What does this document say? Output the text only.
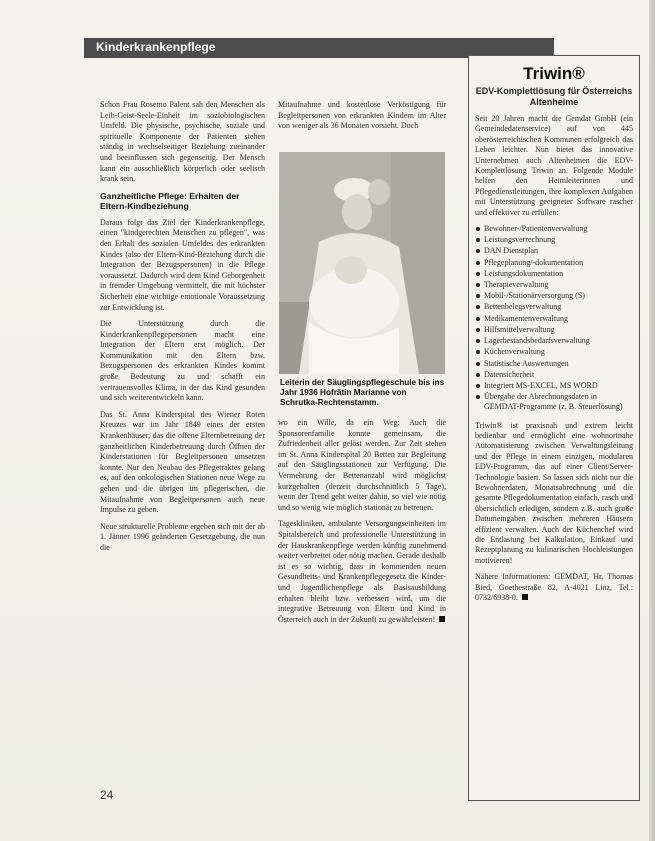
Kinderkrankenpflege

Schon Frau Rosemo Palent sah den Menschen als Leib-Geist-Seele-Einheit im soziobiologischen Umfeld. Die physische, psychische, soziale und spirituelle Komponente der Patienten stehen ständig in wechselseitiger Beziehung zueinander und beeinflussen sich gegenseitig. Der Mensch kann ein ausschließlich körperlich oder seelisch krank sein.

Ganzheitliche Pflege: Erhalten der Eltern-Kindbeziehung

Daraus folgt das Ziel der Kinderkrankenpflege, einen "kindgerechten Menschen zu pflegen", was den Erhalt des sozialen Umfeldes des erkrankten Kindes (also der Eltern-Kind-Beziehung durch die Integration der Bezugspersonen) in die Pflege voraussetzt. Dadurch wird dem Kind Geborgenheit in fremder Umgebung vermittelt, die mit höchster Sicherheit eine wichtige emotionale Voraussetzung zur Entwicklung ist.

Die Unterstützung durch die Kinderkrankenpflegepersonen macht eine Integration der Eltern erst möglich. Der Kommunikation mit den Eltern bzw. Bezugspersonen des erkrankten Kindes kommt große Bedeutung zu und schafft ein vertrauensvolles Klima, in der das Kind gesunden und sich weiterentwickeln kann.

Das St. Anna Kinderspital des Wiener Roten Kreuzes war im Jahr 1849 eines der ersten Krankenhäuser, das die offene Elternbetreuung der ganzheitlichen Kinderbetreuung durch Öffnen der Kinderstationen für Begleitpersonen umsetzen konnte. Nur den Neubau des Pflegetraktes gelang es, auf den onkologischen Stationen neue Wege zu gehen und die übrigen im pflegerischen, die Mitaufnahme von Begleitpersonen auch neue Impulse zu geben.

Neue strukturelle Probleme ergeben sich mit der ab 1. Jänner 1996 geänderten Gesetzgebung, die nun die

Mitaufnahme und kostenlose Verköstigung für Begleitpersonen von erkrankten Kindern im Alter von weniger als 36 Monaten vorsieht. Doch

Leiterin der Säuglingspflegeschule bis ins Jahr 1936 Hofrätin Marianne von Schrutka-Rechtenstamm.

wo ein Wille, da ein Weg: Auch die Sponsorenfamilie konnte gemeinsam, die Zufriedenheit aller gelöst werden. Zur Zeit stehen im St. Anna Kinderspital 20 Betten zur Begleitung auf den Säuglingsstationen zur Verfügung. Die Vermehrung der Bettenanzahl wird möglichst kurzgehalten (derzeit durchschnittlich 5 Tage), wenn der Trend geht weiter dahin, so viel wie nötig und so wenig wie möglich stationär zu betreuen.

Tageskliniken, ambulante Versorgungseinheiten im Spitalsbereich und professionelle Unterstützung in der Hauskrankenpflege werden künftig zunehmend weiter verbreitet oder nötig machen. Gerade deshalb ist es so wichtig, dass in kommenden neuen Gesundheits- und Krankenpflegegesetz die Kinder- und Jugendlichenpflege als Basisausbildung erhalten bleibt bzw. verbessert wird, um die integrative Betreuung von Eltern und Kind in Österreich auch in der Zukunft zu gewährleisten!

Triwin®
EDV-Komplettlösung für Österreichs Altenheime

Seit 20 Jahren macht die Gemdat GmbH (ein Gemeindedatenservice) auf von 445 oberösterreichischen Kommunen erfolgreich das Leben leichter. Nun bietet das innovative Unternehmen auch Altenheimen die EDV-Komplettlösung Triwin an. Folgende Module helfen den Heimleiterinnen und Pflegedienstleitungen, ihre komplexen Aufgaben mit Unterstützung geeigneter Software rascher und effektiver zu erfüllen:

Bewohner-/Patientenverwaltung
Leistungsverrechnung
DAN Dienstplan
Pflegeplanung/-dokumentation
Leistungsdokumentation
Therapieverwaltung
Mobil-/Stationärversorgung (S)
Bettenbelegsverwaltung
Medikamentenverwaltung
Hilfsmittelverwaltung
Lagerbestandsbedarfsverwaltung
Küchenverwaltung
Statistische Auswertungen
Datensicherheit
Integriert MS-EXCEL, MS WORD
Übergabe der Abrechnungsdaten in GEMDAT-Programme (z. B. Steuerlösung)

Triwin® ist praxisnah und extrem leicht bedienbar und ermöglicht eine wohnortnahe Automatisierung zwischen Verwaltungsleitung und der Pflege in einem einzigen, modularen EDV-Programm, das auf einer Client/Server-Technologie basiert. So lassen sich nicht nur die Bewohnerdaten, Monatsabrechnung und die gesamte Pflegedokumentation einfach, rasch und übersichtlich erledigen, sondern z.B. auch große Datumeingaben zwischen mehreren Häusern effizient verwalten. Auch der Küchenchef wird die Entlastung bei Kalkulation, Einkauf und Rezeptplanung zu kulinarischen Hochleistungen motivieren!

Nähere Informationen: GEMDAT, Hr. Thomas Bied, Goethestraße 82, A-4021 Linz, Tel.: 0732/6938-0.

24
